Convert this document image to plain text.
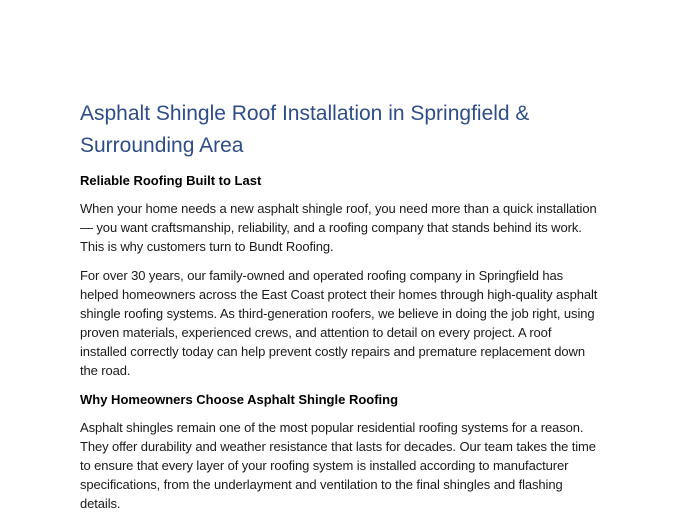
Asphalt Shingle Roof Installation in Springfield & Surrounding Area
Reliable Roofing Built to Last

When your home needs a new asphalt shingle roof, you need more than a quick installation — you want craftsmanship, reliability, and a roofing company that stands behind its work. This is why customers turn to Bundt Roofing.

For over 30 years, our family-owned and operated roofing company in Springfield has helped homeowners across the East Coast protect their homes through high-quality asphalt shingle roofing systems. As third-generation roofers, we believe in doing the job right, using proven materials, experienced crews, and attention to detail on every project. A roof installed correctly today can help prevent costly repairs and premature replacement down the road.

Why Homeowners Choose Asphalt Shingle Roofing

Asphalt shingles remain one of the most popular residential roofing systems for a reason. They offer durability and weather resistance that lasts for decades. Our team takes the time to ensure that every layer of your roofing system is installed according to manufacturer specifications, from the underlayment and ventilation to the final shingles and flashing details.
